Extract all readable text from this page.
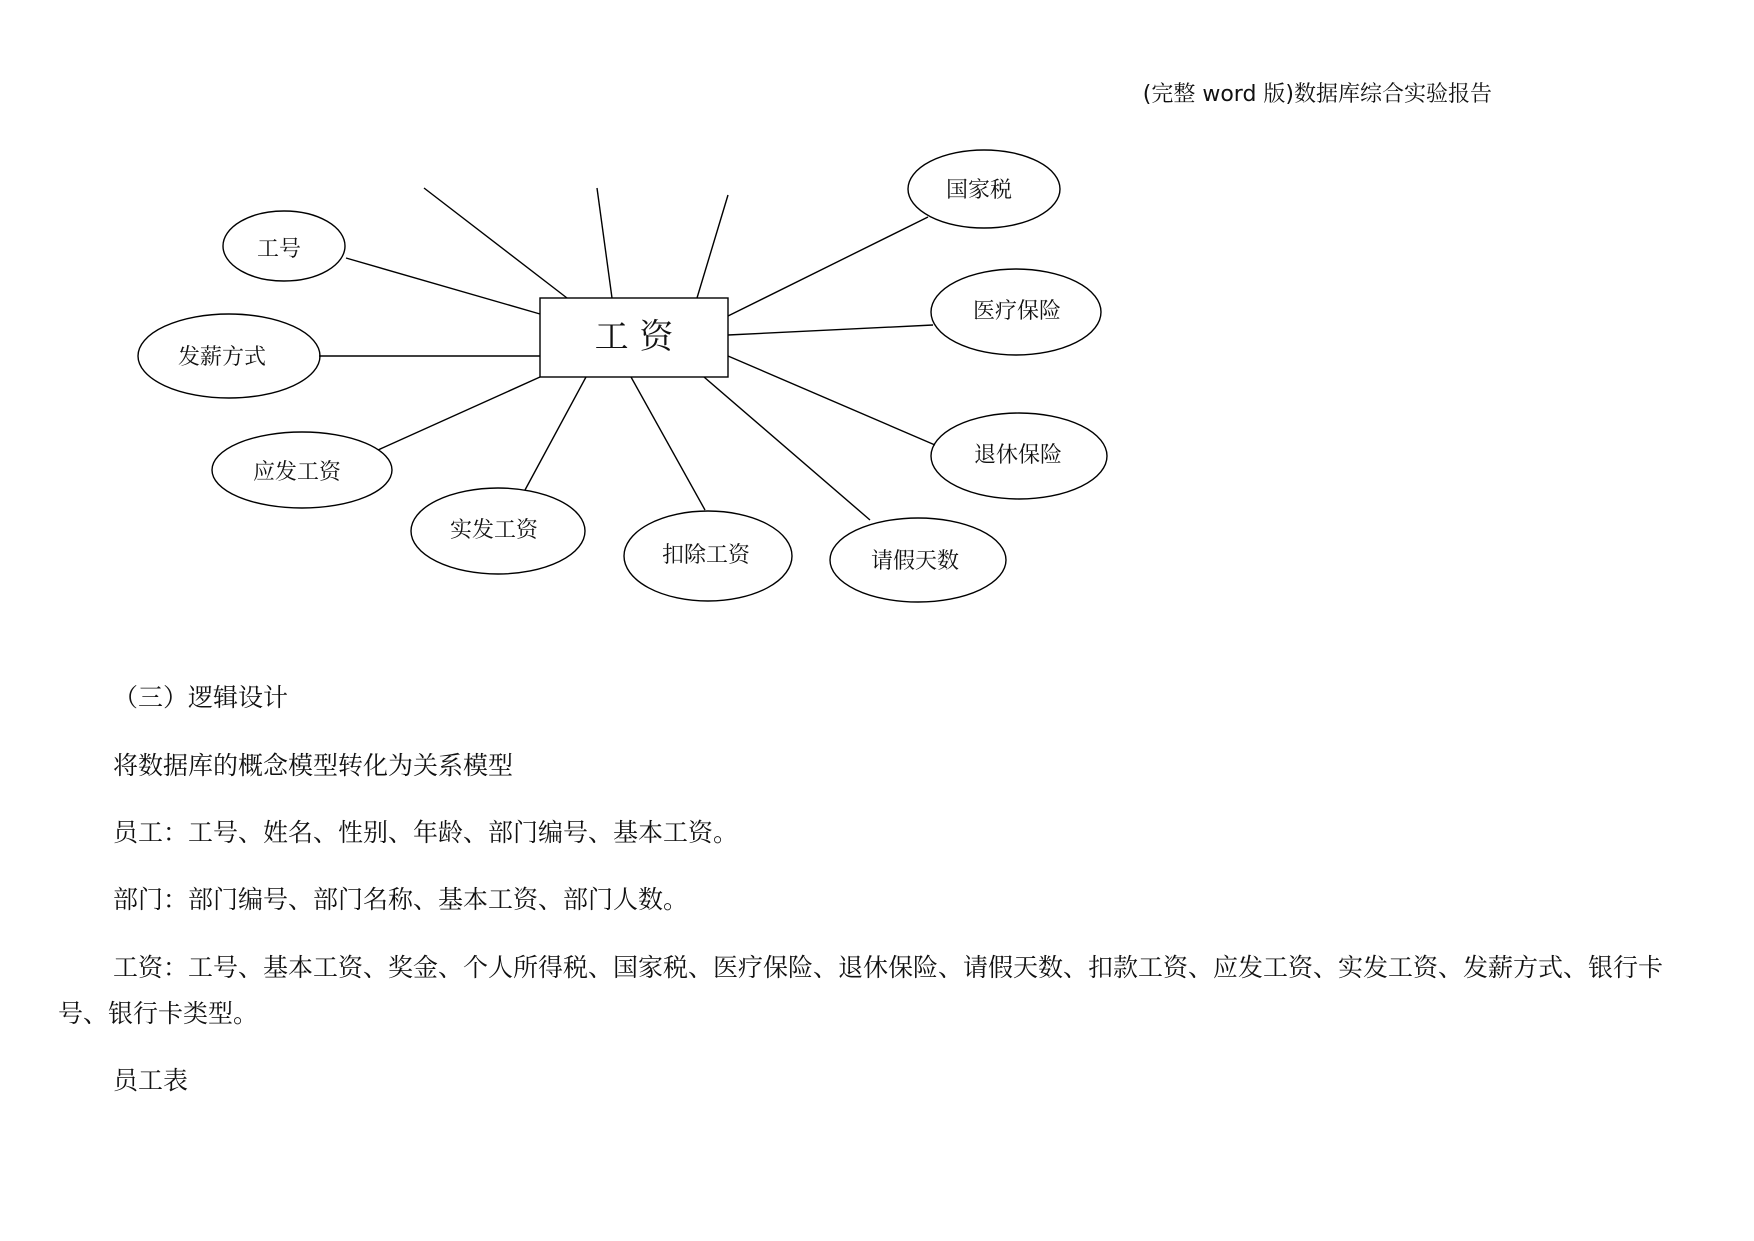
(完整 word 版)数据库综合实验报告
工 资
工号
发薪方式
应发工资
实发工资
扣除工资	请假天数
退休保险
医疗保险
国家税
（三）逻辑设计
将数据库的概念模型转化为关系模型
员工：工号、姓名、性别、年龄、部门编号、基本工资。
部门：部门编号、部门名称、基本工资、部门人数。
工资：工号、基本工资、奖金、个人所得税、国家税、医疗保险、退休保险、请假天数、扣款工资、应发工资、实发工资、发薪方式、银行卡号、银行卡类型。
员工表
